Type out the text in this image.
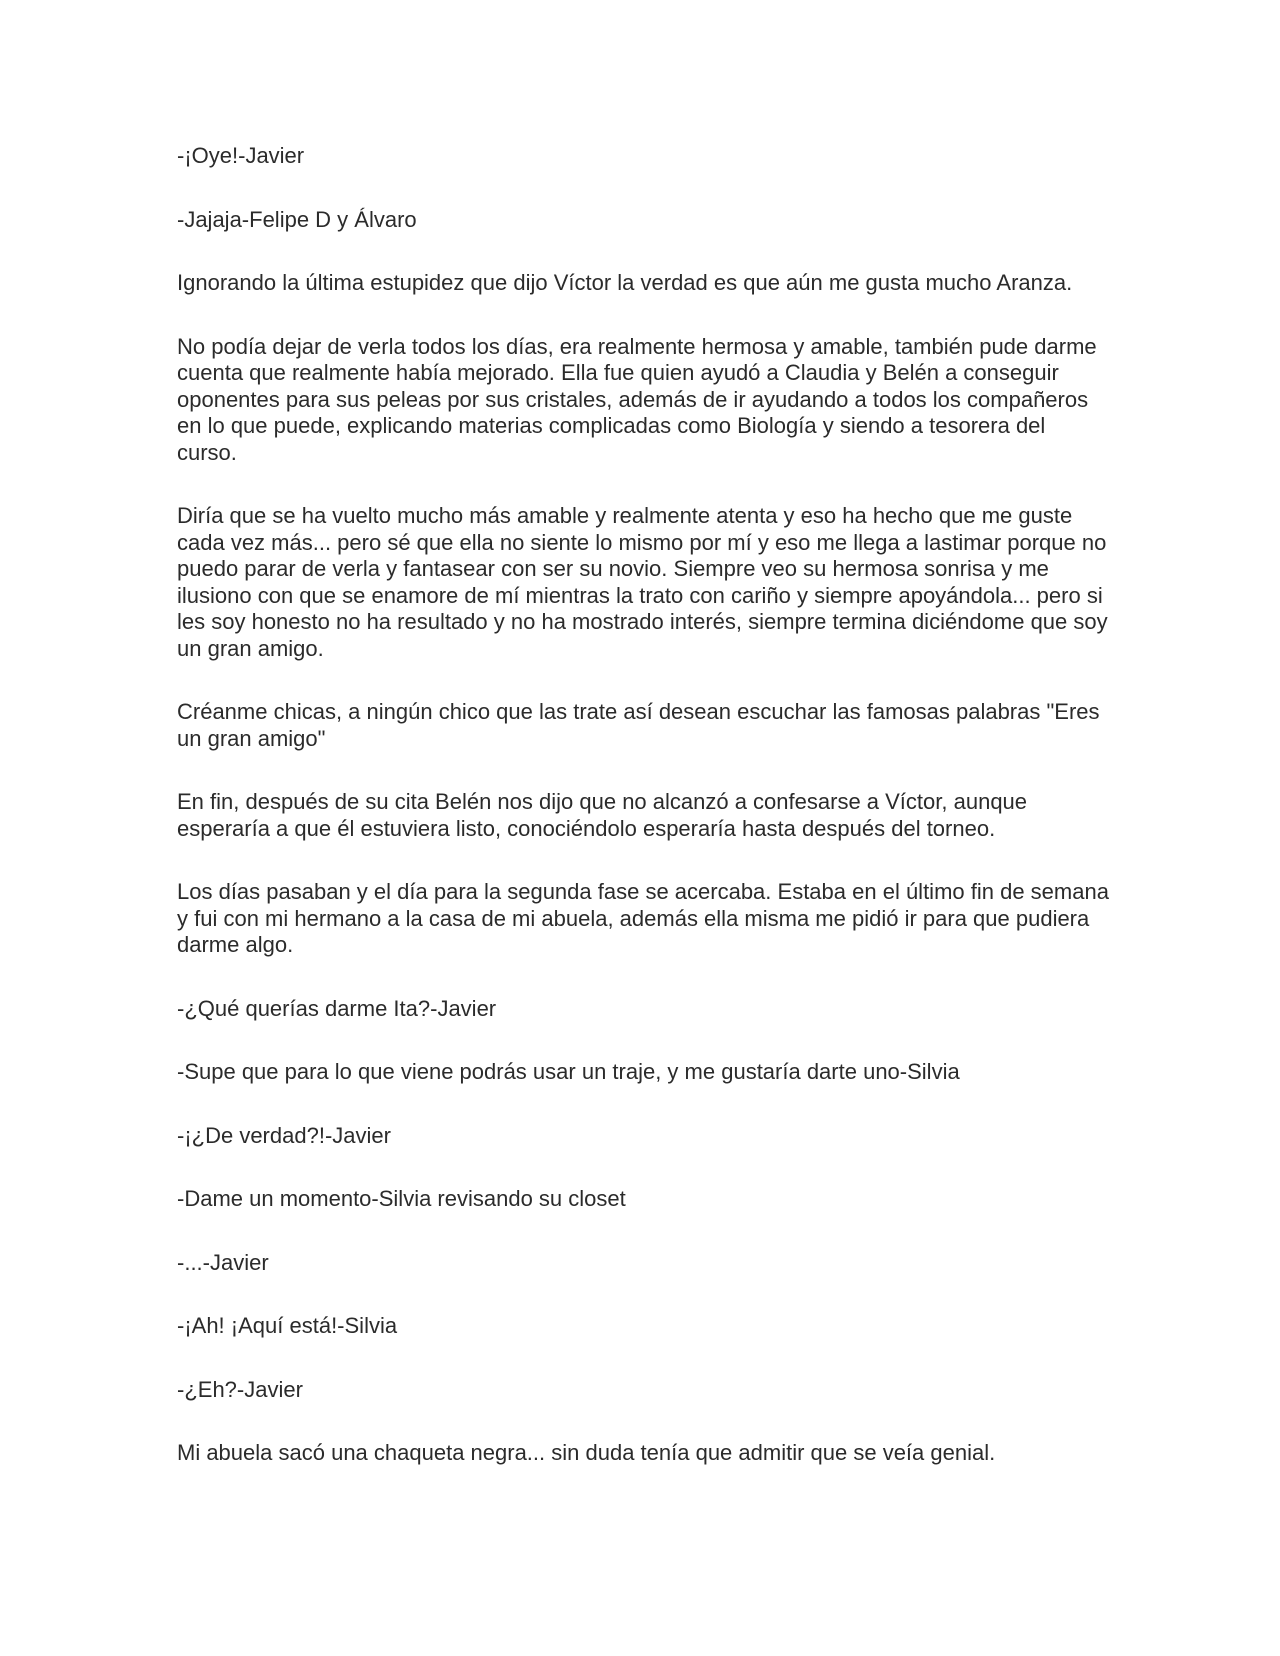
-¡Oye!-Javier

-Jajaja-Felipe D y Álvaro

Ignorando la última estupidez que dijo Víctor la verdad es que aún me gusta mucho Aranza.

No podía dejar de verla todos los días, era realmente hermosa y amable, también pude darme cuenta que realmente había mejorado. Ella fue quien ayudó a Claudia y Belén a conseguir oponentes para sus peleas por sus cristales, además de ir ayudando a todos los compañeros en lo que puede, explicando materias complicadas como Biología y siendo a tesorera del curso.

Diría que se ha vuelto mucho más amable y realmente atenta y eso ha hecho que me guste cada vez más... pero sé que ella no siente lo mismo por mí y eso me llega a lastimar porque no puedo parar de verla y fantasear con ser su novio. Siempre veo su hermosa sonrisa y me ilusiono con que se enamore de mí mientras la trato con cariño y siempre apoyándola... pero si les soy honesto no ha resultado y no ha mostrado interés, siempre termina diciéndome que soy un gran amigo.

Créanme chicas, a ningún chico que las trate así desean escuchar las famosas palabras "Eres un gran amigo"

En fin, después de su cita Belén nos dijo que no alcanzó a confesarse a Víctor, aunque esperaría a que él estuviera listo, conociéndolo esperaría hasta después del torneo.

Los días pasaban y el día para la segunda fase se acercaba. Estaba en el último fin de semana y fui con mi hermano a la casa de mi abuela, además ella misma me pidió ir para que pudiera darme algo.

-¿Qué querías darme Ita?-Javier

-Supe que para lo que viene podrás usar un traje, y me gustaría darte uno-Silvia

-¡¿De verdad?!-Javier

-Dame un momento-Silvia revisando su closet

-...-Javier

-¡Ah! ¡Aquí está!-Silvia

-¿Eh?-Javier

Mi abuela sacó una chaqueta negra... sin duda tenía que admitir que se veía genial.
